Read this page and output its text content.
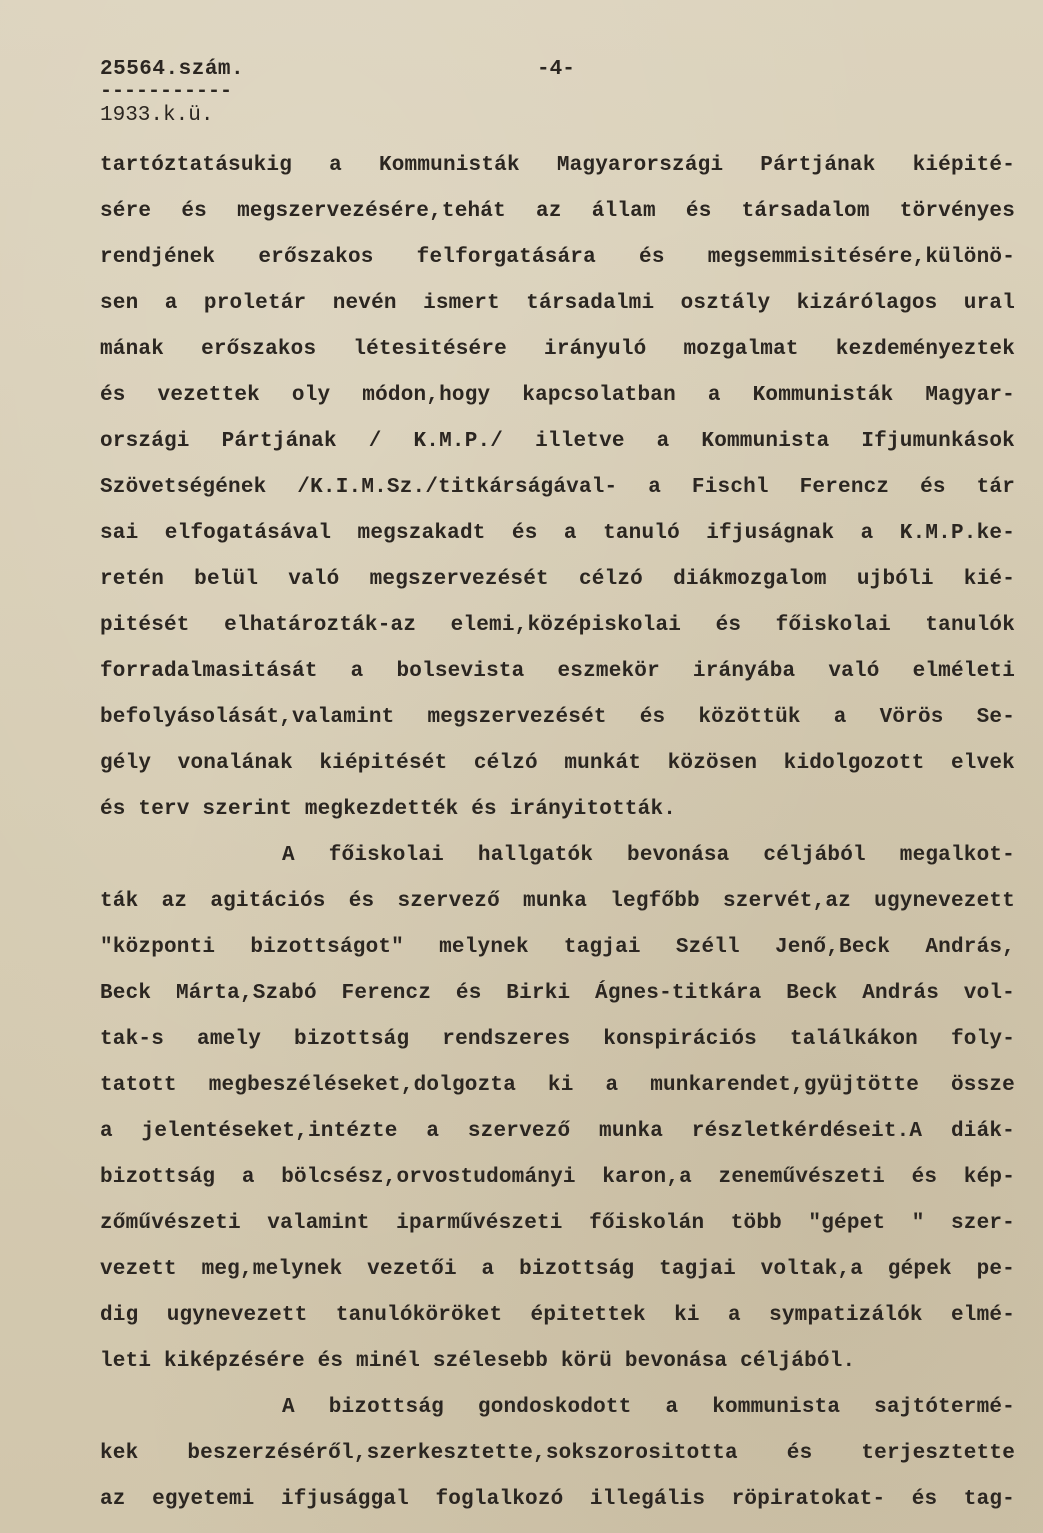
25564.szám.
-----------
1933.k.ü.
-4-
tartóztatásukig a Kommunisták Magyarországi Pártjának kiépité-
sére és megszervezésére,tehát az állam és társadalom törvényes
rendjének erőszakos felforgatására és megsemmisitésére,különö-
sen a proletár nevén ismert társadalmi osztály kizárólagos ural
mának erőszakos létesitésére irányuló mozgalmat kezdeményeztek
és vezettek oly módon,hogy kapcsolatban a Kommunisták Magyar-
országi Pártjának / K.M.P./ illetve a Kommunista Ifjumunkások
Szövetségének /K.I.M.Sz./titkárságával- a Fischl Ferencz és tár
sai elfogatásával megszakadt és a tanuló ifjuságnak a K.M.P.ke-
retén belül való megszervezését célzó diákmozgalom ujbóli kié-
pitését elhatározták-az elemi,középiskolai és főiskolai tanulók
forradalmasitását a bolsevista eszmekör irányába való elméleti
befolyásolását,valamint megszervezését és közöttük a Vörös Se-
gély vonalának kiépitését célzó munkát közösen kidolgozott elvek
és terv szerint megkezdették és irányitották.
A főiskolai hallgatók bevonása céljából megalkot-
ták az agitációs és szervező munka legfőbb szervét,az ugynevezett
"központi bizottságot" melynek tagjai Széll Jenő,Beck András,
Beck Márta,Szabó Ferencz és Birki Ágnes-titkára Beck András vol-
tak-s amely bizottság rendszeres konspirációs találkákon foly-
tatott megbeszéléseket,dolgozta ki a munkarendet,gyüjtötte össze
a jelentéseket,intézte a szervező munka részletkérdéseit.A diák-
bizottság a bölcsész,orvostudományi karon,a zeneművészeti és kép-
zőművészeti valamint iparművészeti főiskolán több "gépet " szer-
vezett meg,melynek vezetői a bizottság tagjai voltak,a gépek pe-
dig ugynevezett tanulóköröket épitettek ki a sympatizálók elmé-
leti kiképzésére és minél szélesebb körü bevonása céljából.
A bizottság gondoskodott a kommunista sajtótermé-
kek beszerzéséről,szerkesztette,sokszorositotta és terjesztette
az egyetemi ifjusággal foglalkozó illegális röpiratokat- és tag-
